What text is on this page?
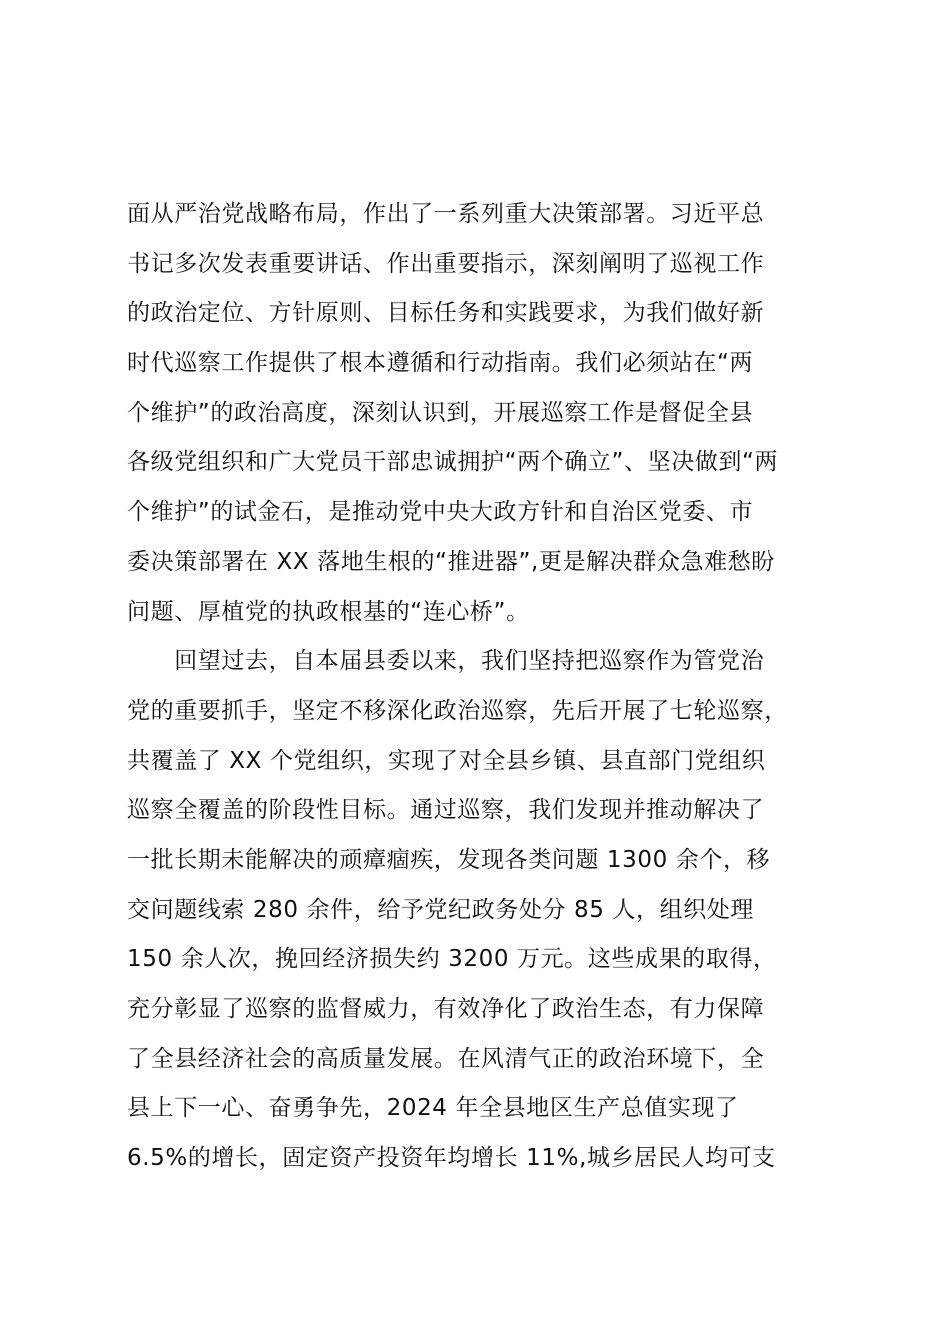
面从严治党战略布局，作出了一系列重大决策部署。习近平总
书记多次发表重要讲话、作出重要指示，深刻阐明了巡视工作
的政治定位、方针原则、目标任务和实践要求，为我们做好新
时代巡察工作提供了根本遵循和行动指南。我们必须站在“两
个维护”的政治高度，深刻认识到，开展巡察工作是督促全县
各级党组织和广大党员干部忠诚拥护“两个确立”、坚决做到“两
个维护”的试金石，是推动党中央大政方针和自治区党委、市
委决策部署在 XX 落地生根的“推进器”,更是解决群众急难愁盼
问题、厚植党的执政根基的“连心桥”。
　　回望过去，自本届县委以来，我们坚持把巡察作为管党治
党的重要抓手，坚定不移深化政治巡察，先后开展了七轮巡察，
共覆盖了 XX 个党组织，实现了对全县乡镇、县直部门党组织
巡察全覆盖的阶段性目标。通过巡察，我们发现并推动解决了
一批长期未能解决的顽瘴痼疾，发现各类问题 1300 余个，移
交问题线索 280 余件，给予党纪政务处分 85 人，组织处理
150 余人次，挽回经济损失约 3200 万元。这些成果的取得，
充分彰显了巡察的监督威力，有效净化了政治生态，有力保障
了全县经济社会的高质量发展。在风清气正的政治环境下，全
县上下一心、奋勇争先，2024 年全县地区生产总值实现了
6.5%的增长，固定资产投资年均增长 11%,城乡居民人均可支
